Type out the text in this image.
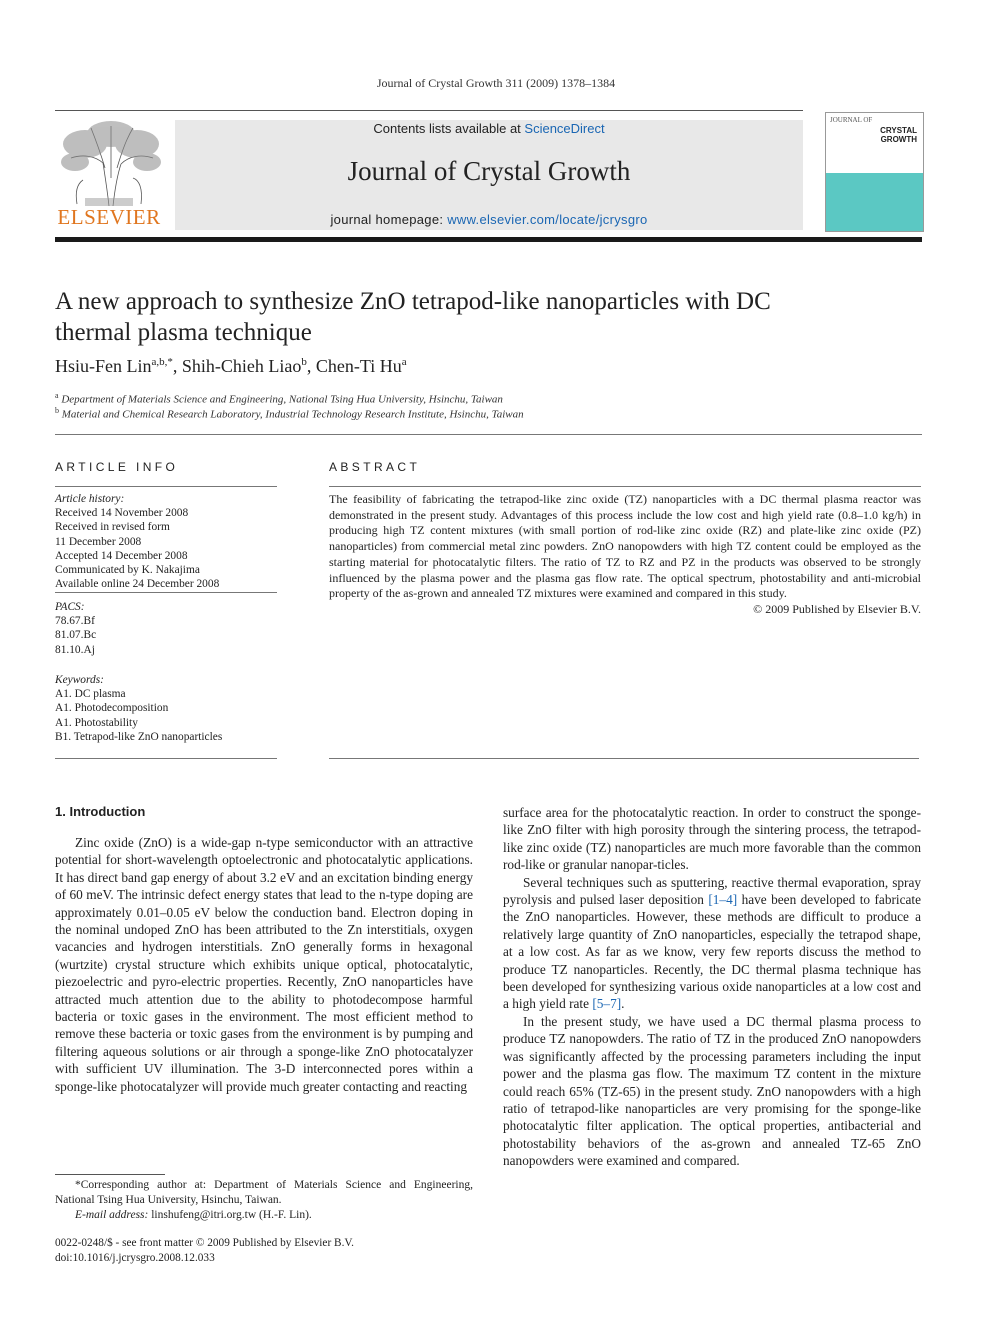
Journal of Crystal Growth 311 (2009) 1378–1384
ELSEVIER
Contents lists available at ScienceDirect
Journal of Crystal Growth
journal homepage: www.elsevier.com/locate/jcrysgro
JOURNAL OF
CRYSTAL
GROWTH
A new approach to synthesize ZnO tetrapod-like nanoparticles with DC
thermal plasma technique
Hsiu-Fen Lin$^{a,b,*}$, Shih-Chieh Liao$^b$, Chen-Ti Hu$^a$
$^a$ Department of Materials Science and Engineering, National Tsing Hua University, Hsinchu, Taiwan
$^b$ Material and Chemical Research Laboratory, Industrial Technology Research Institute, Hsinchu, Taiwan
ARTICLE INFO
Article history:
Received 14 November 2008
Received in revised form
11 December 2008
Accepted 14 December 2008
Communicated by K. Nakajima
Available online 24 December 2008
PACS:
78.67.Bf
81.07.Bc
81.10.Aj
Keywords:
A1. DC plasma
A1. Photodecomposition
A1. Photostability
B1. Tetrapod-like ZnO nanoparticles
ABSTRACT
The feasibility of fabricating the tetrapod-like zinc oxide (TZ) nanoparticles with a DC thermal plasma reactor was demonstrated in the present study. Advantages of this process include the low cost and high yield rate (0.8–1.0 kg/h) in producing high TZ content mixtures (with small portion of rod-like zinc oxide (RZ) and plate-like zinc oxide (PZ) nanoparticles) from commercial metal zinc powders. ZnO nanopowders with high TZ content could be employed as the starting material for photocatalytic filters. The ratio of TZ to RZ and PZ in the products was observed to be strongly influenced by the plasma power and the plasma gas flow rate. The optical spectrum, photostability and anti-microbial property of the as-grown and annealed TZ mixtures were examined and compared in this study.
© 2009 Published by Elsevier B.V.
1. Introduction

Zinc oxide (ZnO) is a wide-gap n-type semiconductor with an attractive potential for short-wavelength optoelectronic and photocatalytic applications. It has direct band gap energy of about 3.2 eV and an excitation binding energy of 60 meV. The intrinsic defect energy states that lead to the n-type doping are approximately 0.01–0.05 eV below the conduction band. Electron doping in the nominal undoped ZnO has been attributed to the Zn interstitials, oxygen vacancies and hydrogen interstitials. ZnO generally forms in hexagonal (wurtzite) crystal structure which exhibits unique optical, photocatalytic, piezoelectric and pyro-electric properties. Recently, ZnO nanoparticles have attracted much attention due to the ability to photodecompose harmful bacteria or toxic gases in the environment. The most efficient method to remove these bacteria or toxic gases from the environment is by pumping and filtering aqueous solutions or air through a sponge-like ZnO photocatalyzer with sufficient UV illumination. The 3-D interconnected pores within a sponge-like photocatalyzer will provide much greater contacting and reacting

surface area for the photocatalytic reaction. In order to construct the sponge-like ZnO filter with high porosity through the sintering process, the tetrapod-like zinc oxide (TZ) nanoparticles are much more favorable than the common rod-like or granular nanopar-ticles.

Several techniques such as sputtering, reactive thermal evaporation, spray pyrolysis and pulsed laser deposition [1–4] have been developed to fabricate the ZnO nanoparticles. However, these methods are difficult to produce a relatively large quantity of ZnO nanoparticles, especially the tetrapod shape, at a low cost. As far as we know, very few reports discuss the method to produce TZ nanoparticles. Recently, the DC thermal plasma technique has been developed for synthesizing various oxide nanoparticles at a low cost and a high yield rate [5–7].

In the present study, we have used a DC thermal plasma process to produce TZ nanopowders. The ratio of TZ in the produced ZnO nanopowders was significantly affected by the processing parameters including the input power and the plasma gas flow. The maximum TZ content in the mixture could reach 65% (TZ-65) in the present study. ZnO nanopowders with a high ratio of tetrapod-like nanoparticles are very promising for the sponge-like photocatalytic filter application. The optical properties, antibacterial and photostability behaviors of the as-grown and annealed TZ-65 ZnO nanopowders were examined and compared.

*Corresponding author at: Department of Materials Science and Engineering, National Tsing Hua University, Hsinchu, Taiwan.

E-mail address: linshufeng@itri.org.tw (H.-F. Lin).

0022-0248/$ - see front matter © 2009 Published by Elsevier B.V.

doi:10.1016/j.jcrysgro.2008.12.033
